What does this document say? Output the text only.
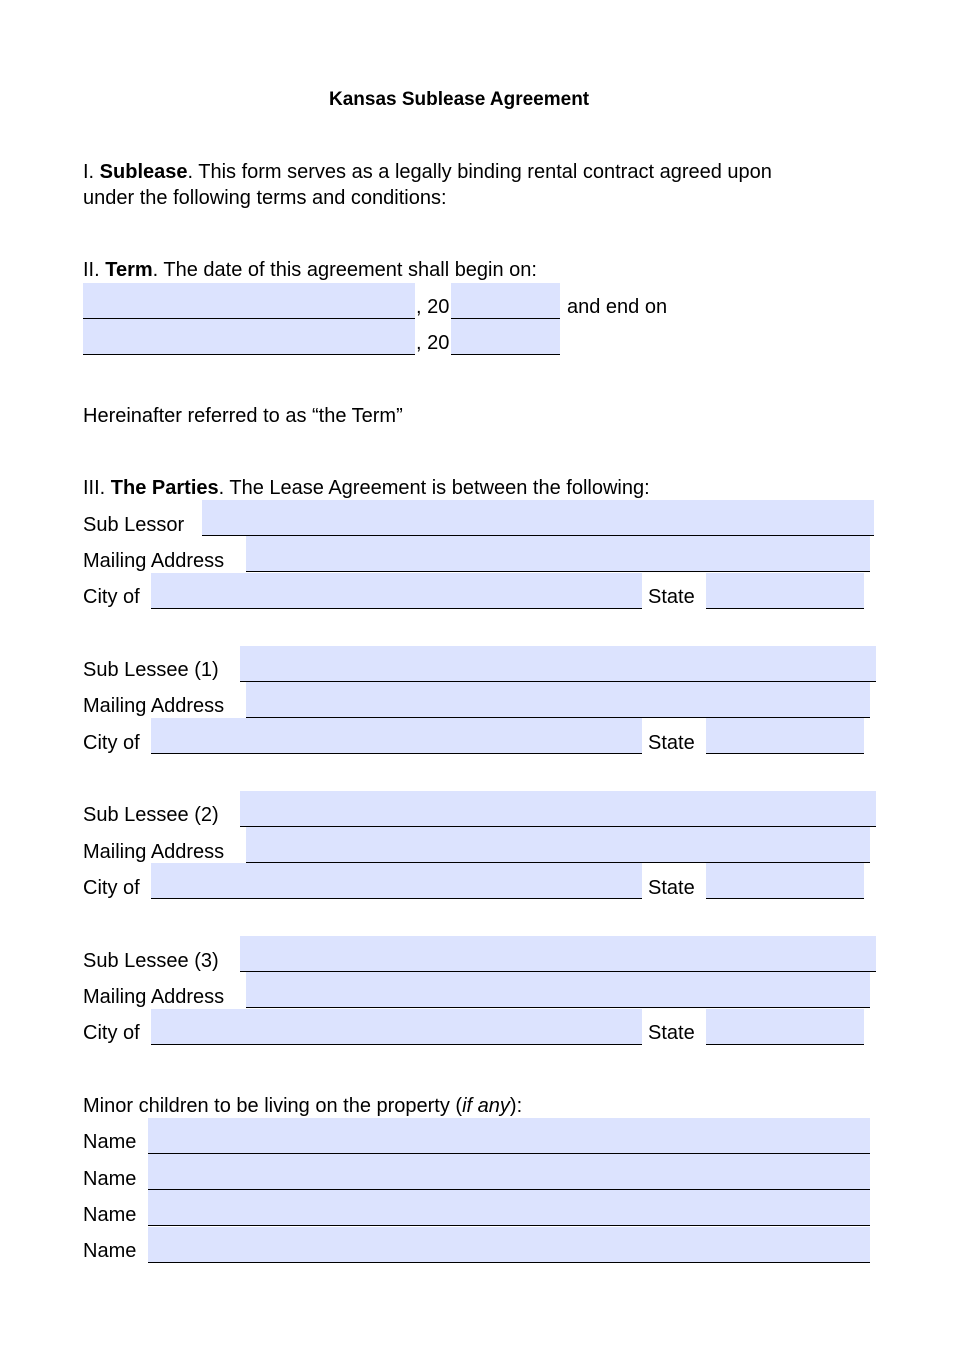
Kansas Sublease Agreement
I. Sublease. This form serves as a legally binding rental contract agreed upon
under the following terms and conditions:
II. Term. The date of this agreement shall begin on:
, 20	and end on
, 20
Hereinafter referred to as “the Term”
III. The Parties. The Lease Agreement is between the following:
Sub Lessor
Mailing Address
City of	State
Sub Lessee (1)
Mailing Address
City of	State
Sub Lessee (2)
Mailing Address
City of	State
Sub Lessee (3)
Mailing Address
City of	State
Minor children to be living on the property (if any):
Name
Name
Name
Name
